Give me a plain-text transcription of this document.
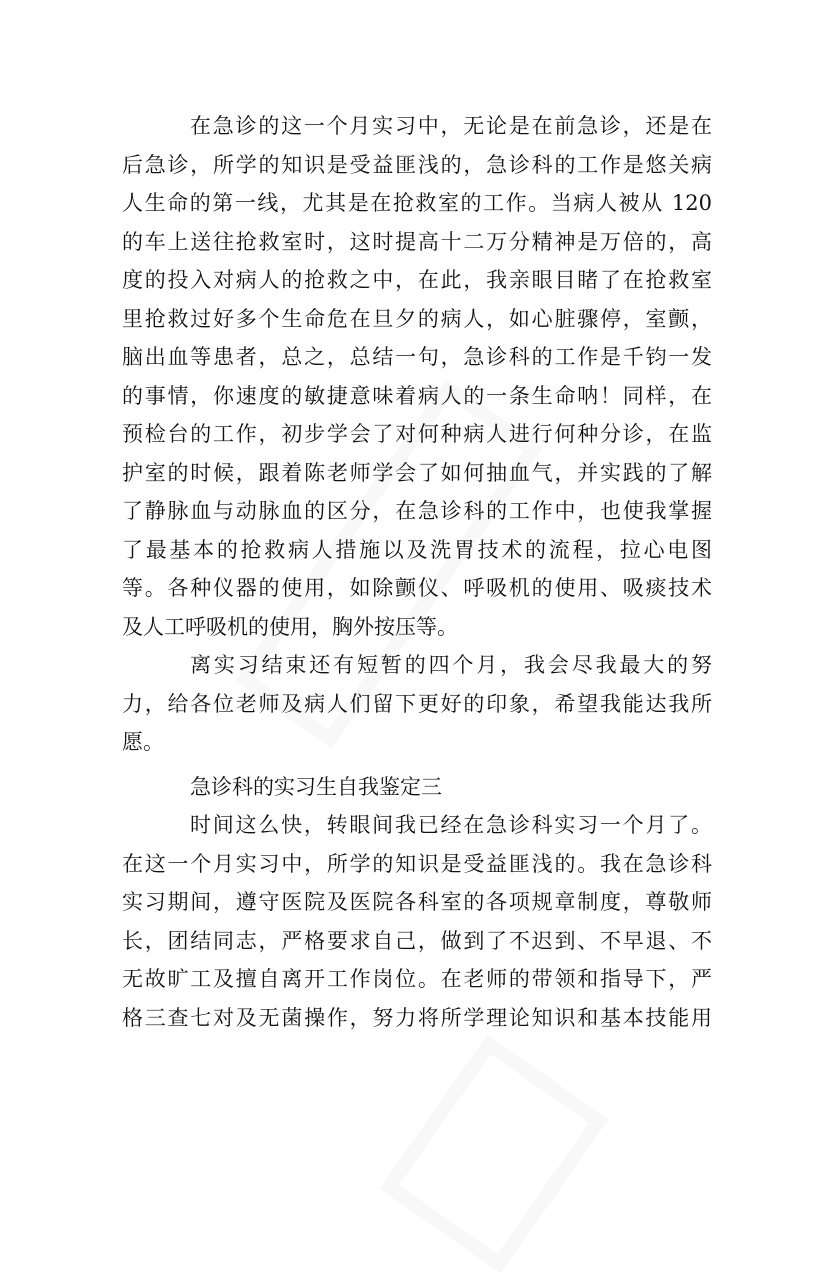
在急诊的这一个月实习中，无论是在前急诊，还是在
后急诊，所学的知识是受益匪浅的，急诊科的工作是悠关病
人生命的第一线，尤其是在抢救室的工作。当病人被从 120
的车上送往抢救室时，这时提高十二万分精神是万倍的，高
度的投入对病人的抢救之中，在此，我亲眼目睹了在抢救室
里抢救过好多个生命危在旦夕的病人，如心脏骤停，室颤，
脑出血等患者，总之，总结一句，急诊科的工作是千钧一发
的事情，你速度的敏捷意味着病人的一条生命呐！同样，在
预检台的工作，初步学会了对何种病人进行何种分诊，在监
护室的时候，跟着陈老师学会了如何抽血气，并实践的了解
了静脉血与动脉血的区分，在急诊科的工作中，也使我掌握
了最基本的抢救病人措施以及洗胃技术的流程，拉心电图
等。各种仪器的使用，如除颤仪、呼吸机的使用、吸痰技术
及人工呼吸机的使用，胸外按压等。
离实习结束还有短暂的四个月，我会尽我最大的努
力，给各位老师及病人们留下更好的印象，希望我能达我所
愿。
急诊科的实习生自我鉴定三
时间这么快，转眼间我已经在急诊科实习一个月了。
在这一个月实习中，所学的知识是受益匪浅的。我在急诊科
实习期间，遵守医院及医院各科室的各项规章制度，尊敬师
长，团结同志，严格要求自己，做到了不迟到、不早退、不
无故旷工及擅自离开工作岗位。在老师的带领和指导下，严
格三查七对及无菌操作，努力将所学理论知识和基本技能用
